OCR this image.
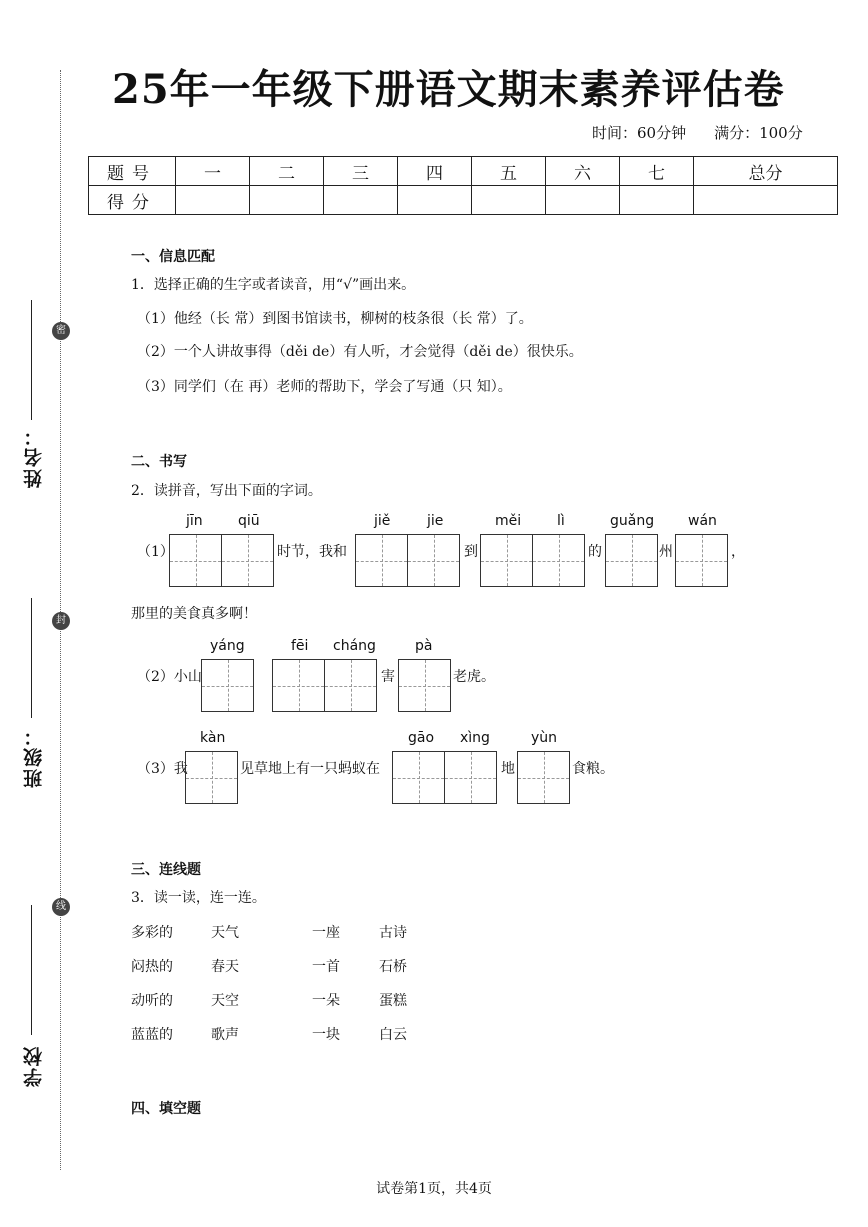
密
封
线
姓名：
班级：
学校
25年一年级下册语文期末素养评估卷
时间：60分钟 满分：100分
题号	一	二	三	四	五	六	七	总分
得分								
一、信息匹配
1．选择正确的生字或者读音，用“√”画出来。
（1）他经（长 常）到图书馆读书，柳树的枝条很（长 常）了。
（2）一个人讲故事得（děi de）有人听，才会觉得（děi de）很快乐。
（3）同学们（在 再）老师的帮助下，学会了写通（只 知）。
二、书写
2．读拼音，写出下面的字词。
（1）
jīn	qiū
时节，我和
jiě	jie
到
měi	lì
的
guǎng
州
wán
，
那里的美食真多啊！
（2）小山
yáng	fēi cháng
害
pà
老虎。
（3）我
kàn
见草地上有一只蚂蚁在
gāo xìng
地
yùn
食粮。
三、连线题
3．读一读，连一连。
多彩的	天气	一座	古诗
闷热的	春天	一首	石桥
动听的	天空	一朵	蛋糕
蓝蓝的	歌声	一块	白云
四、填空题
试卷第1页，共4页
